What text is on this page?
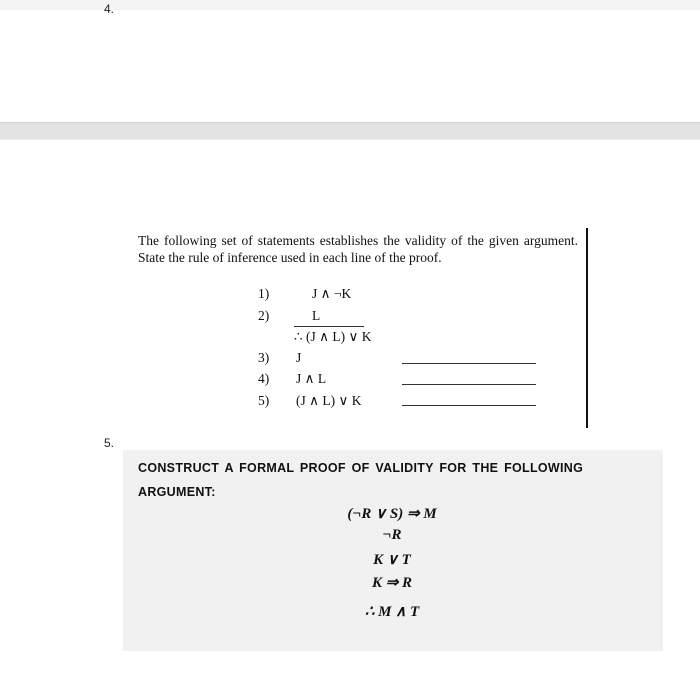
4.
The following set of statements establishes the validity of the given argument. State the rule of inference used in each line of the proof.
1)	J ∧ ¬K
2)	L
∴ (J ∧ L) ∨ K
3)	J
4)	J ∧ L
5)	(J ∧ L) ∨ K
5.
CONSTRUCT A FORMAL PROOF OF VALIDITY FOR THE FOLLOWING ARGUMENT:
(¬R ∨ S) ⇒ M
¬R
K ∨ T
K ⇒ R
∴ M ∧ T
